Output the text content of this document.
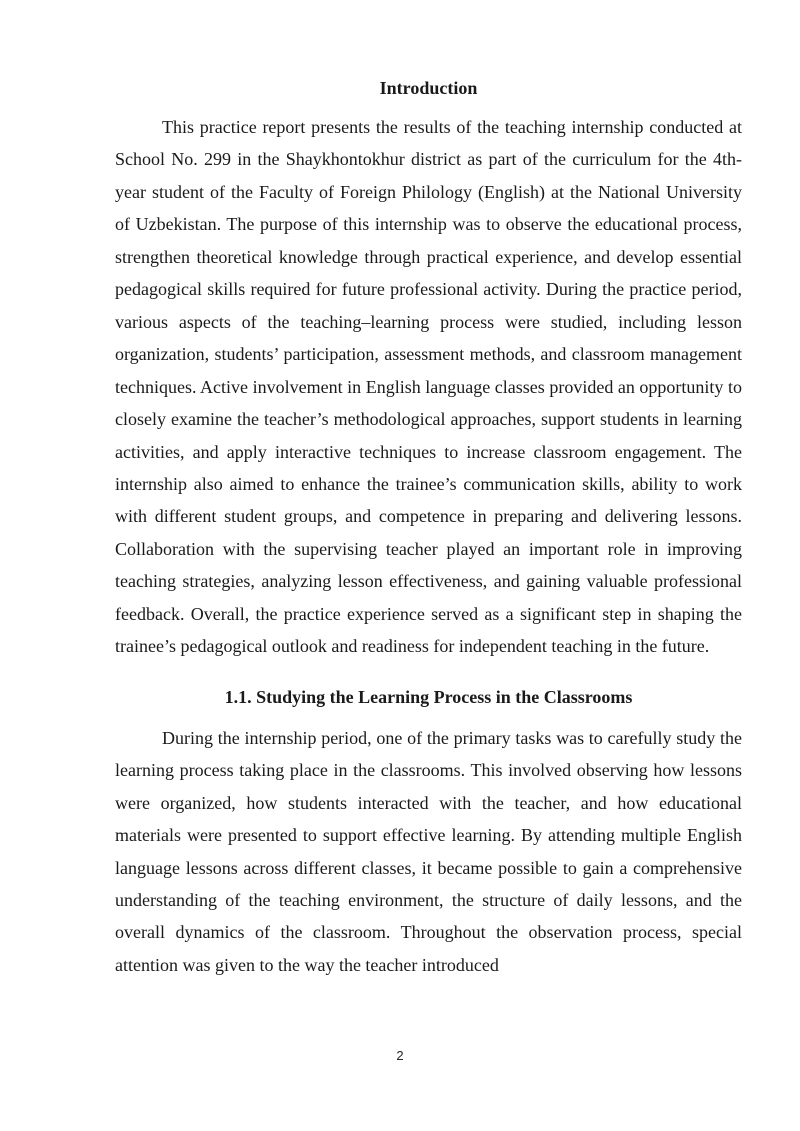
Introduction

This practice report presents the results of the teaching internship conducted at School No. 299 in the Shaykhontokhur district as part of the curriculum for the 4th-year student of the Faculty of Foreign Philology (English) at the National University of Uzbekistan. The purpose of this internship was to observe the educational process, strengthen theoretical knowledge through practical experience, and develop essential pedagogical skills required for future professional activity. During the practice period, various aspects of the teaching–learning process were studied, including lesson organization, students’ participation, assessment methods, and classroom management techniques. Active involvement in English language classes provided an opportunity to closely examine the teacher’s methodological approaches, support students in learning activities, and apply interactive techniques to increase classroom engagement. The internship also aimed to enhance the trainee’s communication skills, ability to work with different student groups, and competence in preparing and delivering lessons. Collaboration with the supervising teacher played an important role in improving teaching strategies, analyzing lesson effectiveness, and gaining valuable professional feedback. Overall, the practice experience served as a significant step in shaping the trainee’s pedagogical outlook and readiness for independent teaching in the future.

1.1. Studying the Learning Process in the Classrooms

During the internship period, one of the primary tasks was to carefully study the learning process taking place in the classrooms. This involved observing how lessons were organized, how students interacted with the teacher, and how educational materials were presented to support effective learning. By attending multiple English language lessons across different classes, it became possible to gain a comprehensive understanding of the teaching environment, the structure of daily lessons, and the overall dynamics of the classroom. Throughout the observation process, special attention was given to the way the teacher introduced

2
